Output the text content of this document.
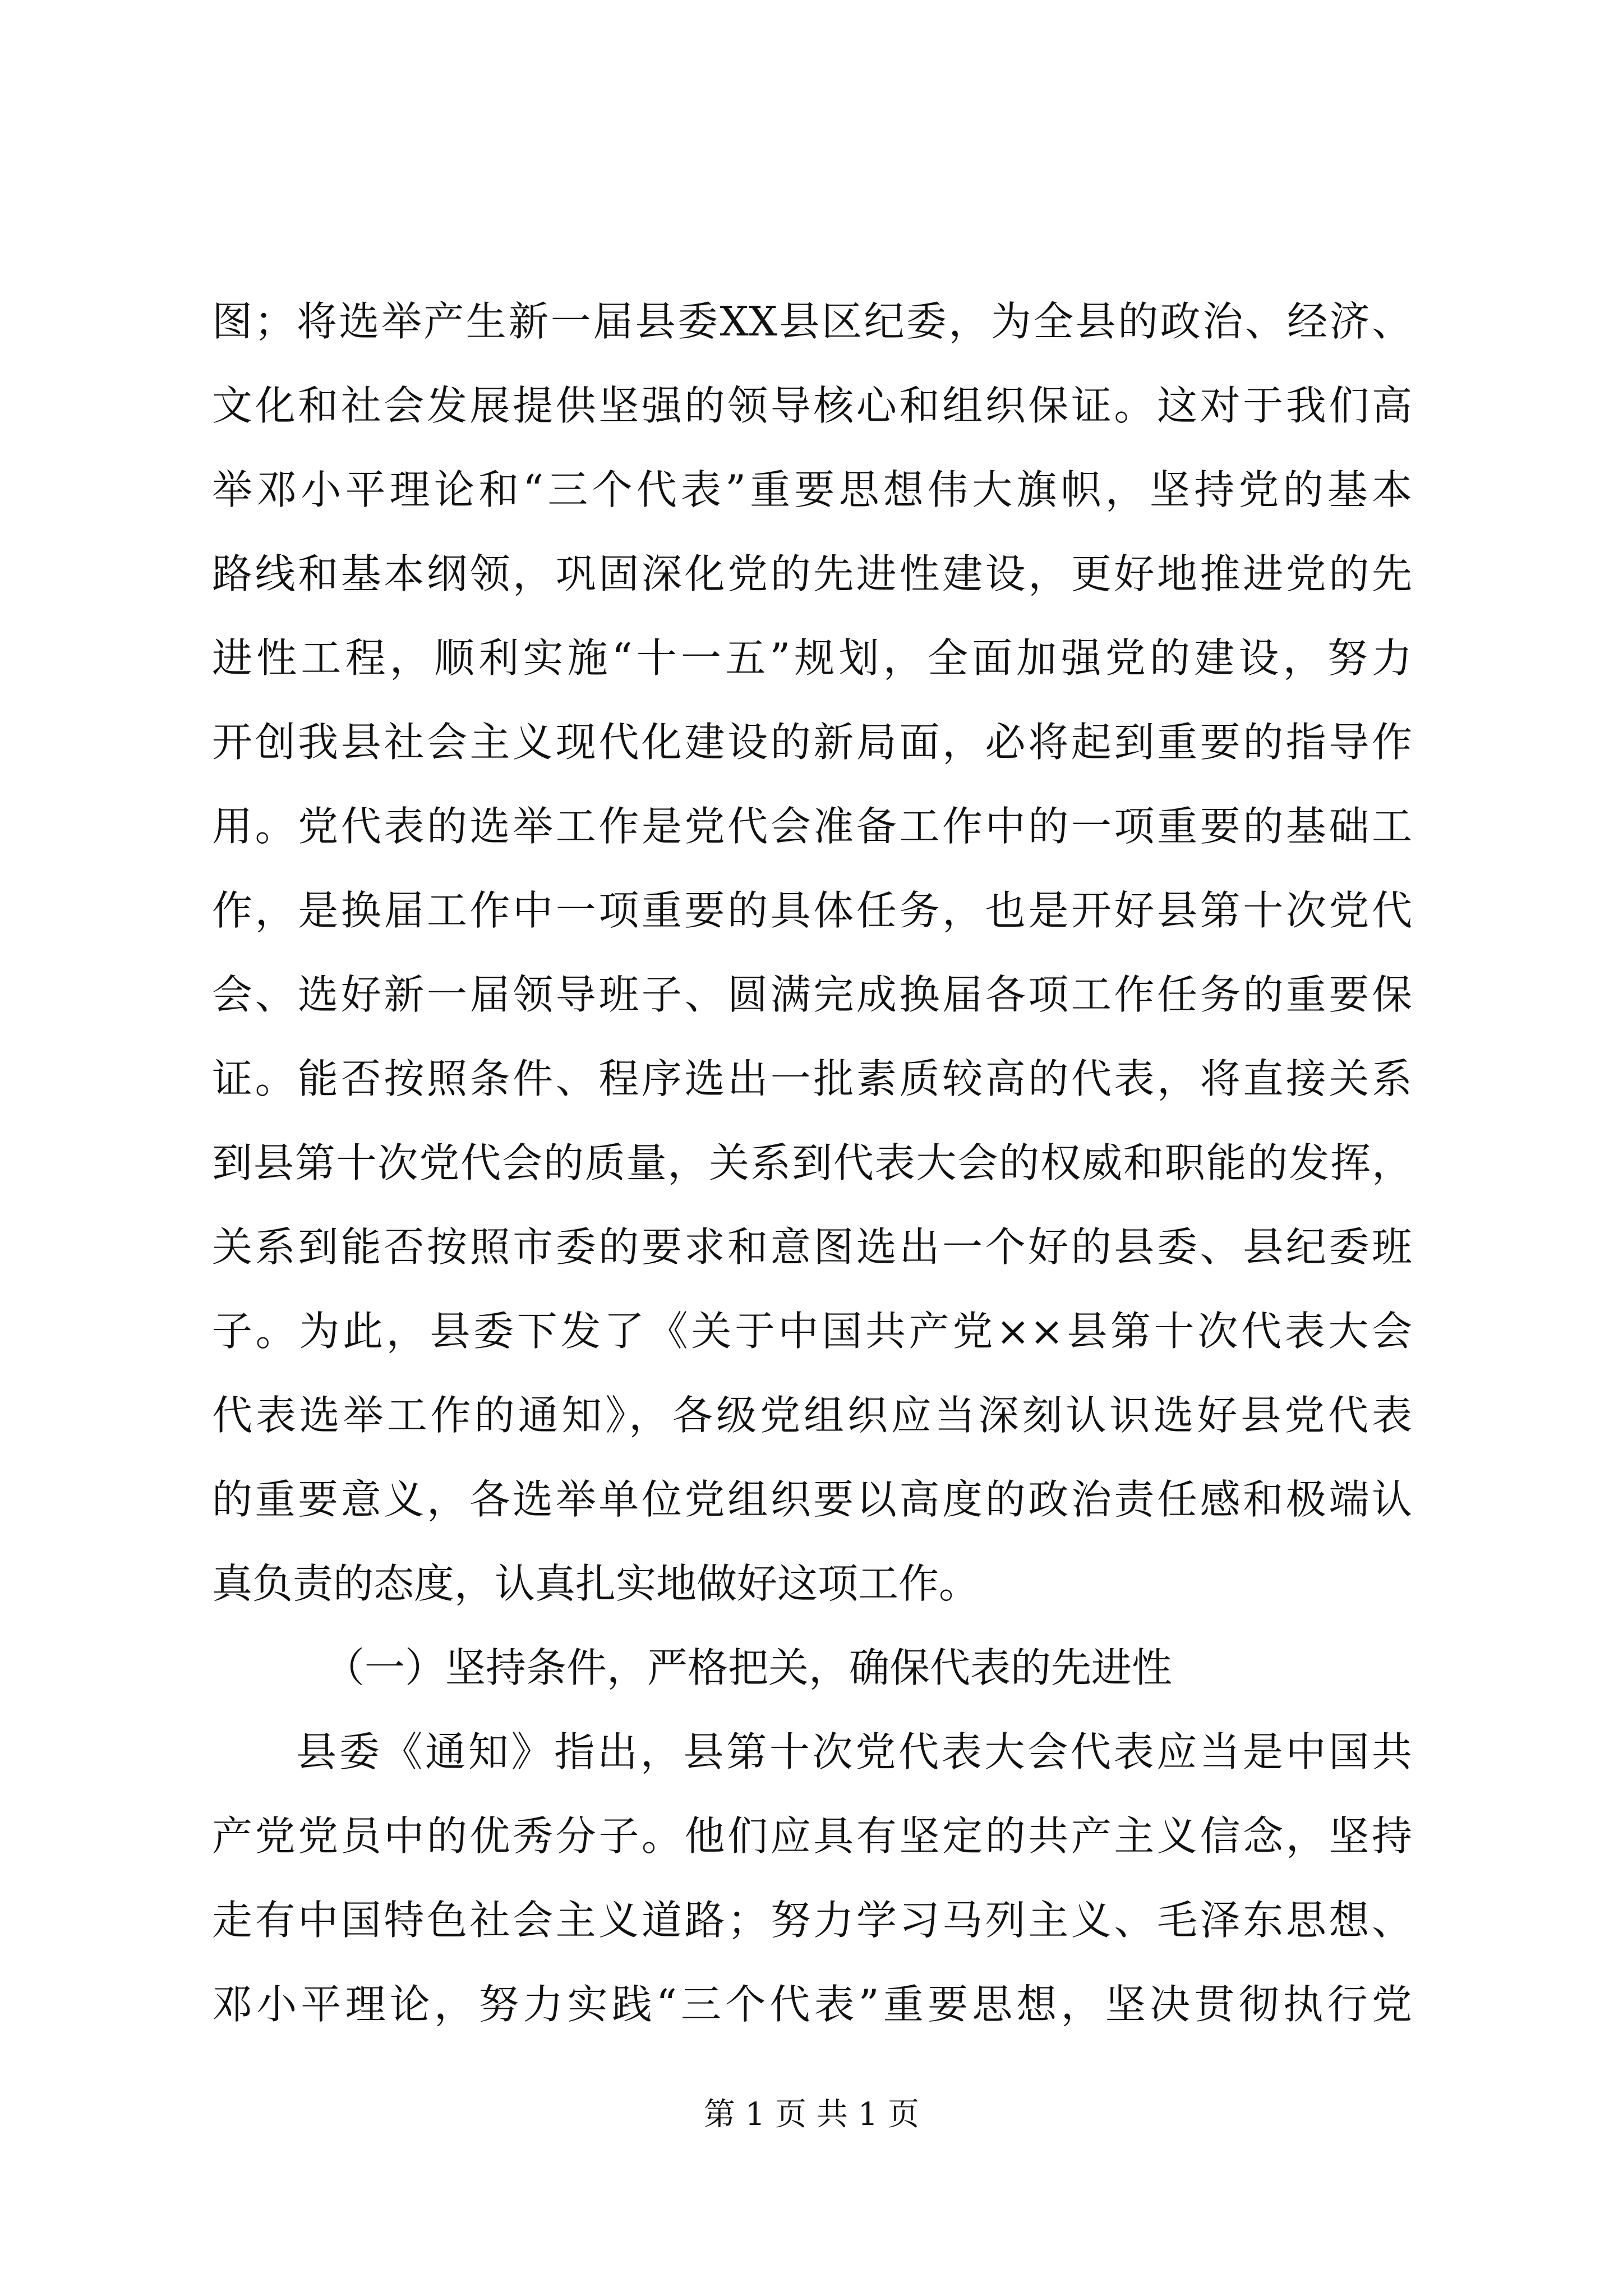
图；将选举产生新一届县委XX县区纪委，为全县的政治、经济、
文化和社会发展提供坚强的领导核心和组织保证。这对于我们高
举邓小平理论和“三个代表”重要思想伟大旗帜，坚持党的基本
路线和基本纲领，巩固深化党的先进性建设，更好地推进党的先
进性工程，顺利实施“十一五”规划，全面加强党的建设，努力
开创我县社会主义现代化建设的新局面，必将起到重要的指导作
用。党代表的选举工作是党代会准备工作中的一项重要的基础工
作，是换届工作中一项重要的具体任务，也是开好县第十次党代
会、选好新一届领导班子、圆满完成换届各项工作任务的重要保
证。能否按照条件、程序选出一批素质较高的代表，将直接关系
到县第十次党代会的质量，关系到代表大会的权威和职能的发挥，
关系到能否按照市委的要求和意图选出一个好的县委、县纪委班
子。为此，县委下发了《关于中国共产党××县第十次代表大会
代表选举工作的通知》，各级党组织应当深刻认识选好县党代表
的重要意义，各选举单位党组织要以高度的政治责任感和极端认
真负责的态度，认真扎实地做好这项工作。
（一）坚持条件，严格把关，确保代表的先进性
县委《通知》指出，县第十次党代表大会代表应当是中国共
产党党员中的优秀分子。他们应具有坚定的共产主义信念，坚持
走有中国特色社会主义道路；努力学习马列主义、毛泽东思想、
邓小平理论，努力实践“三个代表”重要思想，坚决贯彻执行党
第 1 页 共 1 页
